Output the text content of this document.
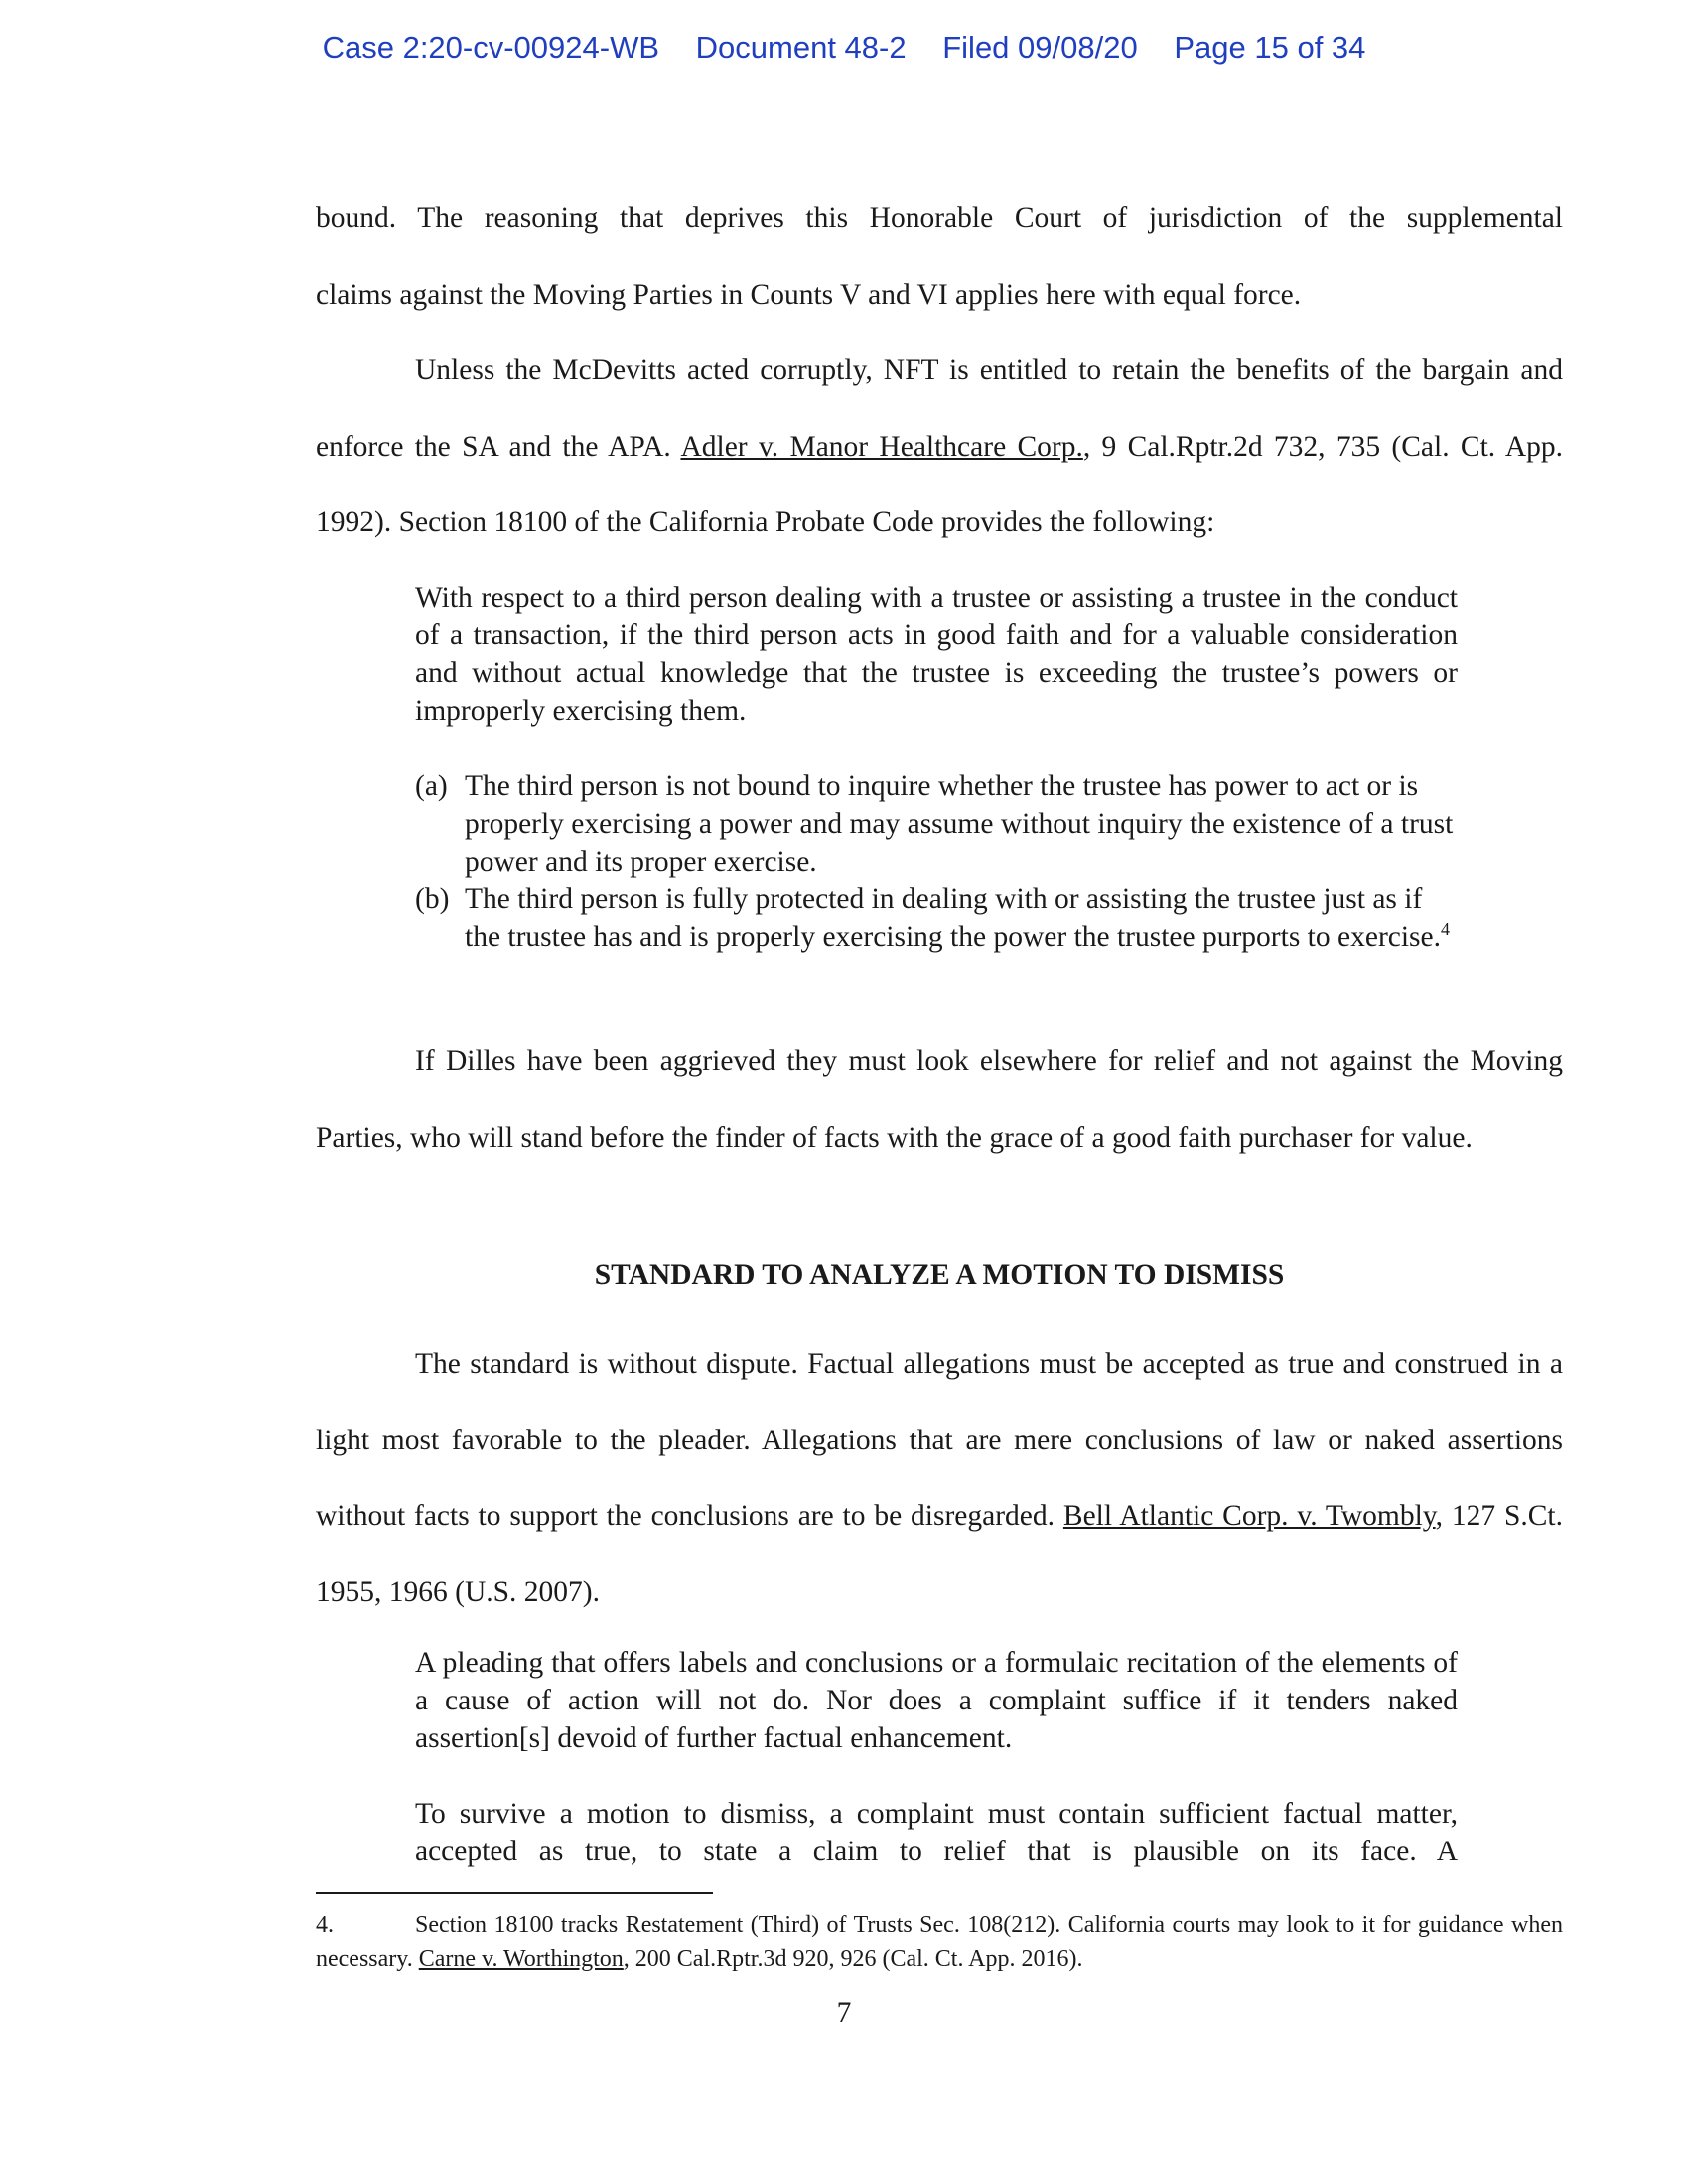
Case 2:20-cv-00924-WB Document 48-2 Filed 09/08/20 Page 15 of 34

bound. The reasoning that deprives this Honorable Court of jurisdiction of the supplemental

claims against the Moving Parties in Counts V and VI applies here with equal force.

Unless the McDevitts acted corruptly, NFT is entitled to retain the benefits of the bargain and enforce the SA and the APA. Adler v. Manor Healthcare Corp., 9 Cal.Rptr.2d 732, 735 (Cal. Ct. App. 1992). Section 18100 of the California Probate Code provides the following:

With respect to a third person dealing with a trustee or assisting a trustee in the conduct of a transaction, if the third person acts in good faith and for a valuable consideration and without actual knowledge that the trustee is exceeding the trustee’s powers or improperly exercising them.

(a) The third person is not bound to inquire whether the trustee has power to act or is properly exercising a power and may assume without inquiry the existence of a trust power and its proper exercise.

(b) The third person is fully protected in dealing with or assisting the trustee just as if the trustee has and is properly exercising the power the trustee purports to exercise.$^4$

If Dilles have been aggrieved they must look elsewhere for relief and not against the Moving Parties, who will stand before the finder of facts with the grace of a good faith purchaser for value.

STANDARD TO ANALYZE A MOTION TO DISMISS

The standard is without dispute. Factual allegations must be accepted as true and construed in a light most favorable to the pleader. Allegations that are mere conclusions of law or naked assertions without facts to support the conclusions are to be disregarded. Bell Atlantic Corp. v. Twombly, 127 S.Ct. 1955, 1966 (U.S. 2007).

A pleading that offers labels and conclusions or a formulaic recitation of the elements of a cause of action will not do. Nor does a complaint suffice if it tenders naked assertion[s] devoid of further factual enhancement.

To survive a motion to dismiss, a complaint must contain sufficient factual matter, accepted as true, to state a claim to relief that is plausible on its face. A

4.	Section 18100 tracks Restatement (Third) of Trusts Sec. 108(212). California courts may look to it for guidance when necessary. Carne v. Worthington, 200 Cal.Rptr.3d 920, 926 (Cal. Ct. App. 2016).
7
